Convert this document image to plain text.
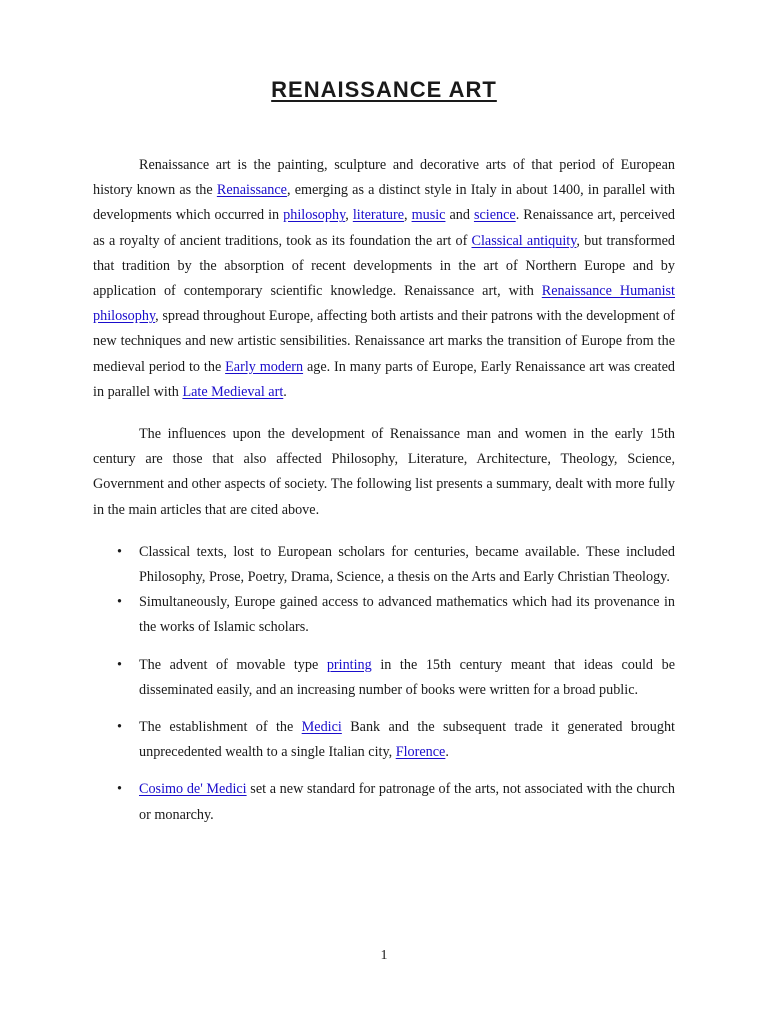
RENAISSANCE ART

Renaissance art is the painting, sculpture and decorative arts of that period of European history known as the Renaissance, emerging as a distinct style in Italy in about 1400, in parallel with developments which occurred in philosophy, literature, music and science. Renaissance art, perceived as a royalty of ancient traditions, took as its foundation the art of Classical antiquity, but transformed that tradition by the absorption of recent developments in the art of Northern Europe and by application of contemporary scientific knowledge. Renaissance art, with Renaissance Humanist philosophy, spread throughout Europe, affecting both artists and their patrons with the development of new techniques and new artistic sensibilities. Renaissance art marks the transition of Europe from the medieval period to the Early modern age. In many parts of Europe, Early Renaissance art was created in parallel with Late Medieval art.

The influences upon the development of Renaissance man and women in the early 15th century are those that also affected Philosophy, Literature, Architecture, Theology, Science, Government and other aspects of society. The following list presents a summary, dealt with more fully in the main articles that are cited above.

• Classical texts, lost to European scholars for centuries, became available. These included Philosophy, Prose, Poetry, Drama, Science, a thesis on the Arts and Early Christian Theology.
• Simultaneously, Europe gained access to advanced mathematics which had its provenance in the works of Islamic scholars.
• The advent of movable type printing in the 15th century meant that ideas could be disseminated easily, and an increasing number of books were written for a broad public.
• The establishment of the Medici Bank and the subsequent trade it generated brought unprecedented wealth to a single Italian city, Florence.
• Cosimo de' Medici set a new standard for patronage of the arts, not associated with the church or monarchy.
1
